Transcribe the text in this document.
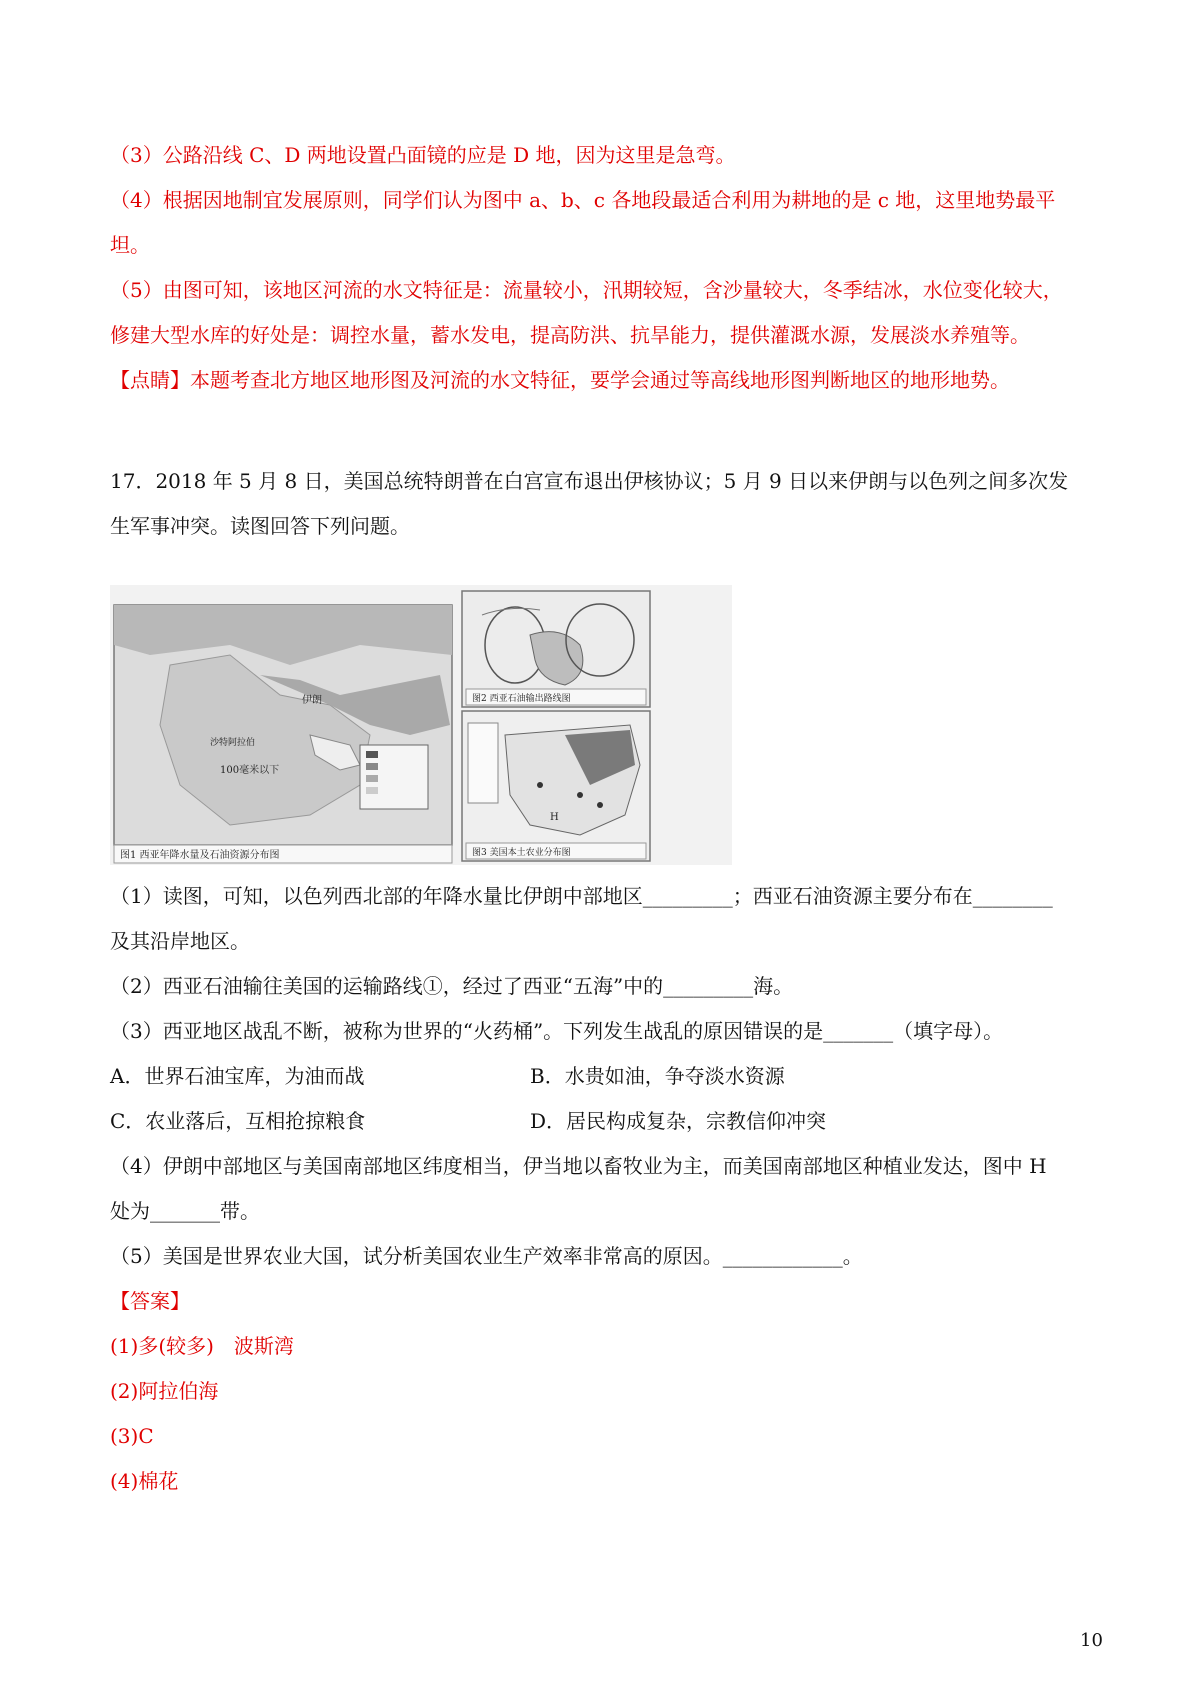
（3）公路沿线 C、D 两地设置凸面镜的应是 D 地，因为这里是急弯。
（4）根据因地制宜发展原则，同学们认为图中 a、b、c 各地段最适合利用为耕地的是 c 地，这里地势最平
坦。
（5）由图可知，该地区河流的水文特征是：流量较小，汛期较短，含沙量较大，冬季结冰，水位变化较大，
修建大型水库的好处是：调控水量，蓄水发电，提高防洪、抗旱能力，提供灌溉水源，发展淡水养殖等。
【点睛】本题考查北方地区地形图及河流的水文特征，要学会通过等高线地形图判断地区的地形地势。
17．2018 年 5 月 8 日，美国总统特朗普在白宫宣布退出伊核协议；5 月 9 日以来伊朗与以色列之间多次发
生军事冲突。读图回答下列问题。
伊朗
沙特阿拉伯
100毫米以下
图1 西亚年降水量及石油资源分布图
图2 西亚石油输出路线图
H
图3 美国本土农业分布图
（1）读图，可知，以色列西北部的年降水量比伊朗中部地区_________；西亚石油资源主要分布在________
及其沿岸地区。
（2）西亚石油输往美国的运输路线①，经过了西亚“五海”中的_________海。
（3）西亚地区战乱不断，被称为世界的“火药桶”。下列发生战乱的原因错误的是_______（填字母）。
A．世界石油宝库，为油而战	B．水贵如油，争夺淡水资源
C．农业落后，互相抢掠粮食	D．居民构成复杂，宗教信仰冲突
（4）伊朗中部地区与美国南部地区纬度相当，伊当地以畜牧业为主，而美国南部地区种植业发达，图中 H
处为_______带。
（5）美国是世界农业大国，试分析美国农业生产效率非常高的原因。____________。
【答案】
(1)多(较多)　波斯湾
(2)阿拉伯海
(3)C
(4)棉花
10
